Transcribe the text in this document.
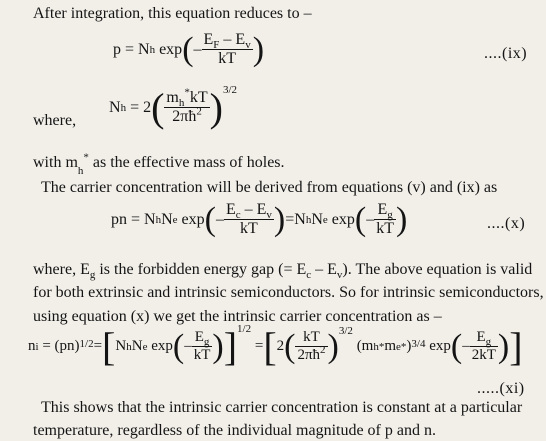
After integration, this equation reduces to –
p
= N h
exp ( – $\frac{E_F - E_v}{kT}$ )	....(ix)
where,
N h
= 2 ( $\frac{m_h^*kT}{2\pi ħ^2} )^{3/2}$
with $m_h^*$ as the effective mass of holes.
The carrier concentration will be derived from equations (v) and (ix) as
pn = N h N e
exp ( – $\frac{E_c - E_v}{kT}$ ) =N h N e
exp ( – $\frac{E_g}{kT}$ )	....(x)
where, $E_g$ is the forbidden energy gap (= $E_c - E_v$). The above equation is valid
for both extrinsic and intrinsic semiconductors. So for intrinsic semiconductors,
using equation (x) we get the intrinsic carrier concentration as –
n i
= (pn)$^{1/2}$ = [ N h N e
exp ( – $\frac{E_g}{kT}$ ) ]$^{1/2}$

= [ 2 ( $\frac{kT}{2\pi ħ^2} )^{3/2}$

(m h * m e * )$^{3/4}$
exp ( – $\frac{E_g}{2kT}$ ) ]
.....(xi)
This shows that the intrinsic carrier concentration is constant at a particular
temperature, regardless of the individual magnitude of p and n.
